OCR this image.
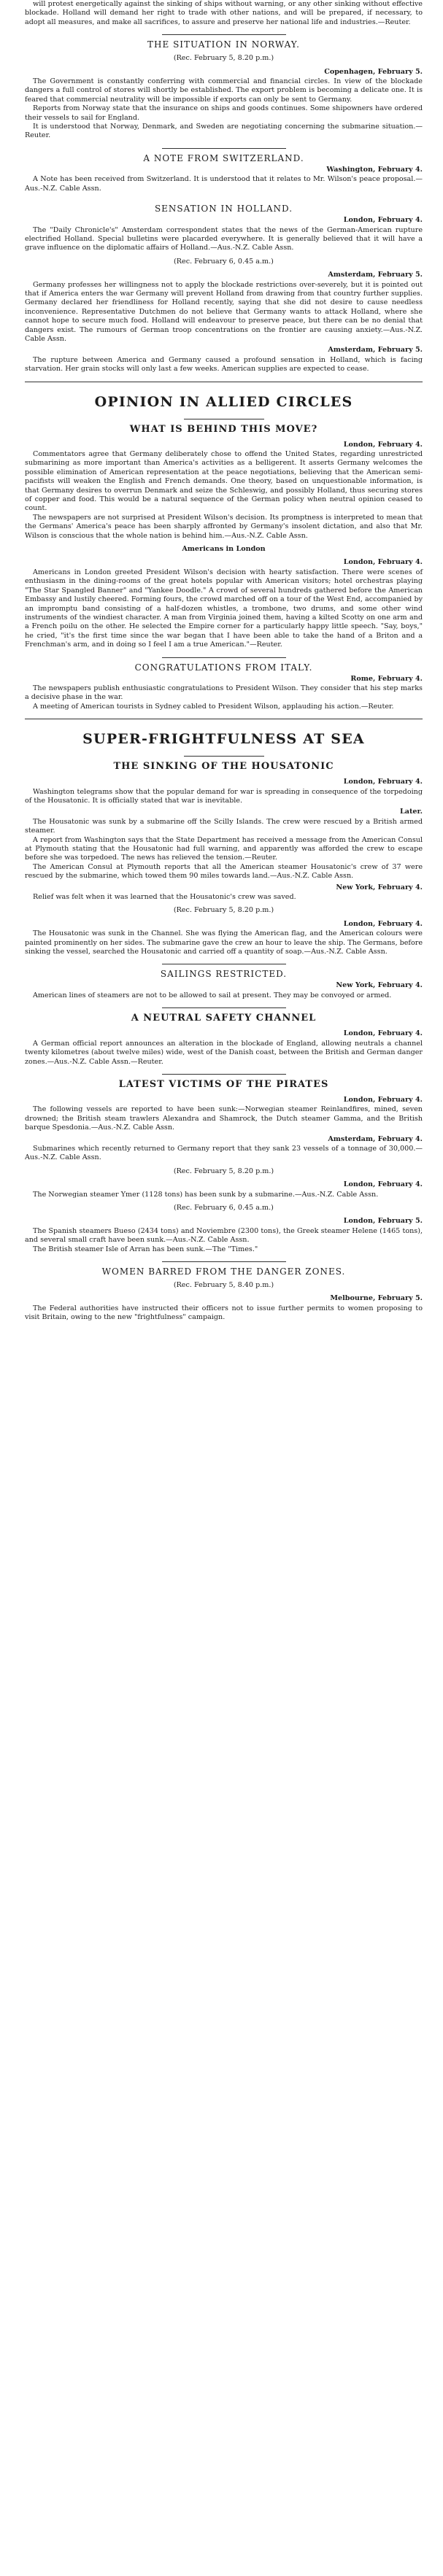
will protest energetically against the sinking of ships without warning, or any other sinking without effective blockade. Holland will demand her right to trade with other nations, and will be prepared, if necessary, to adopt all measures, and make all sacrifices, to assure and preserve her national life and industries.—Reuter.

THE SITUATION IN NORWAY.
(Rec. February 5, 8.20 p.m.)
Copenhagen, February 5.

The Government is constantly conferring with commercial and financial circles. In view of the blockade dangers a full control of stores will shortly be established. The export problem is becoming a delicate one. It is feared that commercial neutrality will be impossible if exports can only be sent to Germany.

Reports from Norway state that the insurance on ships and goods continues. Some shipowners have ordered their vessels to sail for England.

It is understood that Norway, Denmark, and Sweden are negotiating concerning the submarine situation.—Reuter.

A NOTE FROM SWITZERLAND.
Washington, February 4.

A Note has been received from Switzerland. It is understood that it relates to Mr. Wilson's peace proposal.—Aus.-N.Z. Cable Assn.

SENSATION IN HOLLAND.
London, February 4.

The "Daily Chronicle's" Amsterdam correspondent states that the news of the German-American rupture electrified Holland. Special bulletins were placarded everywhere. It is generally believed that it will have a grave influence on the diplomatic affairs of Holland.—Aus.-N.Z. Cable Assn.

(Rec. February 6, 0.45 a.m.)
Amsterdam, February 5.

Germany professes her willingness not to apply the blockade restrictions over-severely, but it is pointed out that if America enters the war Germany will prevent Holland from drawing from that country further supplies. Germany declared her friendliness for Holland recently, saying that she did not desire to cause needless inconvenience. Representative Dutchmen do not believe that Germany wants to attack Holland, where she cannot hope to secure much food. Holland will endeavour to preserve peace, but there can be no denial that dangers exist. The rumours of German troop concentrations on the frontier are causing anxiety.—Aus.-N.Z. Cable Assn.

Amsterdam, February 5.

The rupture between America and Germany caused a profound sensation in Holland, which is facing starvation. Her grain stocks will only last a few weeks. American supplies are expected to cease.

OPINION IN ALLIED CIRCLES
WHAT IS BEHIND THIS MOVE?
London, February 4.

Commentators agree that Germany deliberately chose to offend the United States, regarding unrestricted submarining as more important than America's activities as a belligerent. It asserts Germany welcomes the possible elimination of American representation at the peace negotiations, believing that the American semi-pacifists will weaken the English and French demands. One theory, based on unquestionable information, is that Germany desires to overrun Denmark and seize the Schleswig, and possibly Holland, thus securing stores of copper and food. This would be a natural sequence of the German policy when neutral opinion ceased to count.

The newspapers are not surprised at President Wilson's decision. Its promptness is interpreted to mean that the Germans' America's peace has been sharply affronted by Germany's insolent dictation, and also that Mr. Wilson is conscious that the whole nation is behind him.—Aus.-N.Z. Cable Assn.

Americans in London
London, February 4.

Americans in London greeted President Wilson's decision with hearty satisfaction. There were scenes of enthusiasm in the dining-rooms of the great hotels popular with American visitors; hotel orchestras playing "The Star Spangled Banner" and "Yankee Doodle." A crowd of several hundreds gathered before the American Embassy and lustily cheered. Forming fours, the crowd marched off on a tour of the West End, accompanied by an impromptu band consisting of a half-dozen whistles, a trombone, two drums, and some other wind instruments of the windiest character. A man from Virginia joined them, having a kilted Scotty on one arm and a French poilu on the other. He selected the Empire corner for a particularly happy little speech. "Say, boys," he cried, "it's the first time since the war began that I have been able to take the hand of a Briton and a Frenchman's arm, and in doing so I feel I am a true American."—Reuter.

CONGRATULATIONS FROM ITALY.
Rome, February 4.

The newspapers publish enthusiastic congratulations to President Wilson. They consider that his step marks a decisive phase in the war.

A meeting of American tourists in Sydney cabled to President Wilson, applauding his action.—Reuter.

SUPER-FRIGHTFULNESS AT SEA
THE SINKING OF THE HOUSATONIC
London, February 4.

Washington telegrams show that the popular demand for war is spreading in consequence of the torpedoing of the Housatonic. It is officially stated that war is inevitable.

Later.

The Housatonic was sunk by a submarine off the Scilly Islands. The crew were rescued by a British armed steamer.

A report from Washington says that the State Department has received a message from the American Consul at Plymouth stating that the Housatonic had full warning, and apparently was afforded the crew to escape before she was torpedoed. The news has relieved the tension.—Reuter.

The American Consul at Plymouth reports that all the American steamer Housatonic's crew of 37 were rescued by the submarine, which towed them 90 miles towards land.—Aus.-N.Z. Cable Assn.

New York, February 4.

Relief was felt when it was learned that the Housatonic's crew was saved.

(Rec. February 5, 8.20 p.m.)
London, February 4.

The Housatonic was sunk in the Channel. She was flying the American flag, and the American colours were painted prominently on her sides. The submarine gave the crew an hour to leave the ship. The Germans, before sinking the vessel, searched the Housatonic and carried off a quantity of soap.—Aus.-N.Z. Cable Assn.

SAILINGS RESTRICTED.
New York, February 4.

American lines of steamers are not to be allowed to sail at present. They may be convoyed or armed.

A NEUTRAL SAFETY CHANNEL
London, February 4.

A German official report announces an alteration in the blockade of England, allowing neutrals a channel twenty kilometres (about twelve miles) wide, west of the Danish coast, between the British and German danger zones.—Aus.-N.Z. Cable Assn.—Reuter.

LATEST VICTIMS OF THE PIRATES
London, February 4.

The following vessels are reported to have been sunk:—Norwegian steamer Reinlandfires, mined, seven drowned; the British steam trawlers Alexandra and Shamrock, the Dutch steamer Gamma, and the British barque Spesdonia.—Aus.-N.Z. Cable Assn.

Amsterdam, February 4.

Submarines which recently returned to Germany report that they sank 23 vessels of a tonnage of 30,000.—Aus.-N.Z. Cable Assn.

(Rec. February 5, 8.20 p.m.)
London, February 4.

The Norwegian steamer Ymer (1128 tons) has been sunk by a submarine.—Aus.-N.Z. Cable Assn.

(Rec. February 6, 0.45 a.m.)
London, February 5.

The Spanish steamers Bueso (2434 tons) and Noviembre (2300 tons), the Greek steamer Helene (1465 tons), and several small craft have been sunk.—Aus.-N.Z. Cable Assn.

The British steamer Isle of Arran has been sunk.—The "Times."

WOMEN BARRED FROM THE DANGER ZONES.
(Rec. February 5, 8.40 p.m.)
Melbourne, February 5.

The Federal authorities have instructed their officers not to issue further permits to women proposing to visit Britain, owing to the new "frightfulness" campaign.
